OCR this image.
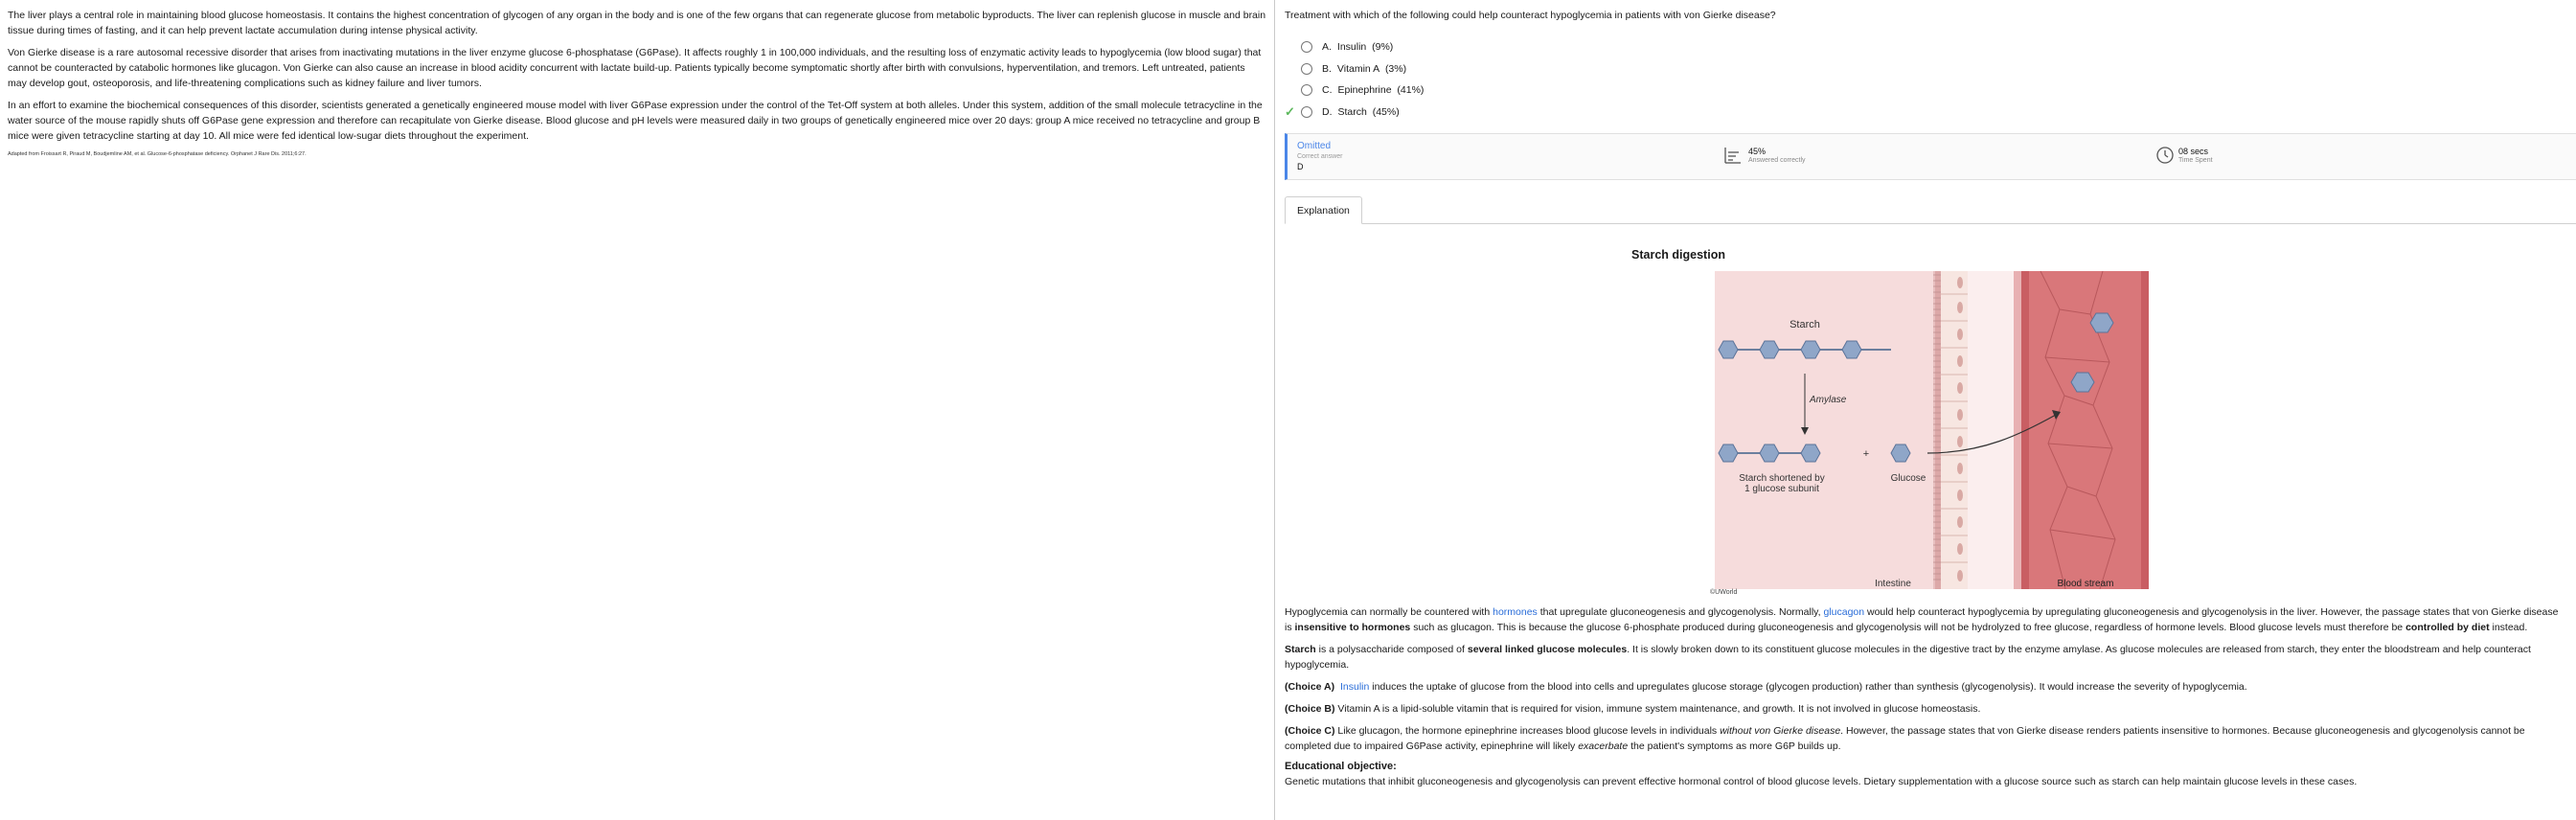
The liver plays a central role in maintaining blood glucose homeostasis. It contains the highest concentration of glycogen of any organ in the body and is one of the few organs that can regenerate glucose from metabolic byproducts. The liver can replenish glucose in muscle and brain tissue during times of fasting, and it can help prevent lactate accumulation during intense physical activity.

Von Gierke disease is a rare autosomal recessive disorder that arises from inactivating mutations in the liver enzyme glucose 6-phosphatase (G6Pase). It affects roughly 1 in 100,000 individuals, and the resulting loss of enzymatic activity leads to hypoglycemia (low blood sugar) that cannot be counteracted by catabolic hormones like glucagon. Von Gierke can also cause an increase in blood acidity concurrent with lactate build-up. Patients typically become symptomatic shortly after birth with convulsions, hyperventilation, and tremors. Left untreated, patients may develop gout, osteoporosis, and life-threatening complications such as kidney failure and liver tumors.

In an effort to examine the biochemical consequences of this disorder, scientists generated a genetically engineered mouse model with liver G6Pase expression under the control of the Tet-Off system at both alleles. Under this system, addition of the small molecule tetracycline in the water source of the mouse rapidly shuts off G6Pase gene expression and therefore can recapitulate von Gierke disease. Blood glucose and pH levels were measured daily in two groups of genetically engineered mice over 20 days: group A mice received no tetracycline and group B mice were given tetracycline starting at day 10. All mice were fed identical low-sugar diets throughout the experiment.

Adapted from Froissart R, Piraud M, Boudjemline AM, et al. Glucose-6-phosphatase deficiency. Orphanet J Rare Dis. 2011;6:27.
Treatment with which of the following could help counteract hypoglycemia in patients with von Gierke disease?
A. Insulin
(9%)
B. Vitamin A
(3%)
C. Epinephrine
(41%)
✓	D. Starch
(45%)
Omitted
Correct answer
D
45%
Answered correctly
08 secs
Time Spent
Explanation
Starch digestion
Starch
Amylase
+
Starch shortened by
1 glucose subunit
Glucose
Intestine	Blood stream
©UWorld

Hypoglycemia can normally be countered with hormones that upregulate gluconeogenesis and glycogenolysis. Normally, glucagon would help counteract hypoglycemia by upregulating gluconeogenesis and glycogenolysis in the liver. However, the passage states that von Gierke disease is insensitive to hormones such as glucagon. This is because the glucose 6-phosphate produced during gluconeogenesis and glycogenolysis will not be hydrolyzed to free glucose, regardless of hormone levels. Blood glucose levels must therefore be controlled by diet instead.

Starch is a polysaccharide composed of several linked glucose molecules. It is slowly broken down to its constituent glucose molecules in the digestive tract by the enzyme amylase. As glucose molecules are released from starch, they enter the bloodstream and help counteract hypoglycemia.

(Choice A) Insulin induces the uptake of glucose from the blood into cells and upregulates glucose storage (glycogen production) rather than synthesis (glycogenolysis). It would increase the severity of hypoglycemia.

(Choice B) Vitamin A is a lipid-soluble vitamin that is required for vision, immune system maintenance, and growth. It is not involved in glucose homeostasis.

(Choice C) Like glucagon, the hormone epinephrine increases blood glucose levels in individuals without von Gierke disease. However, the passage states that von Gierke disease renders patients insensitive to hormones. Because gluconeogenesis and glycogenolysis cannot be completed due to impaired G6Pase activity, epinephrine will likely exacerbate the patient's symptoms as more G6P builds up.

Educational objective:

Genetic mutations that inhibit gluconeogenesis and glycogenolysis can prevent effective hormonal control of blood glucose levels. Dietary supplementation with a glucose source such as starch can help maintain glucose levels in these cases.
